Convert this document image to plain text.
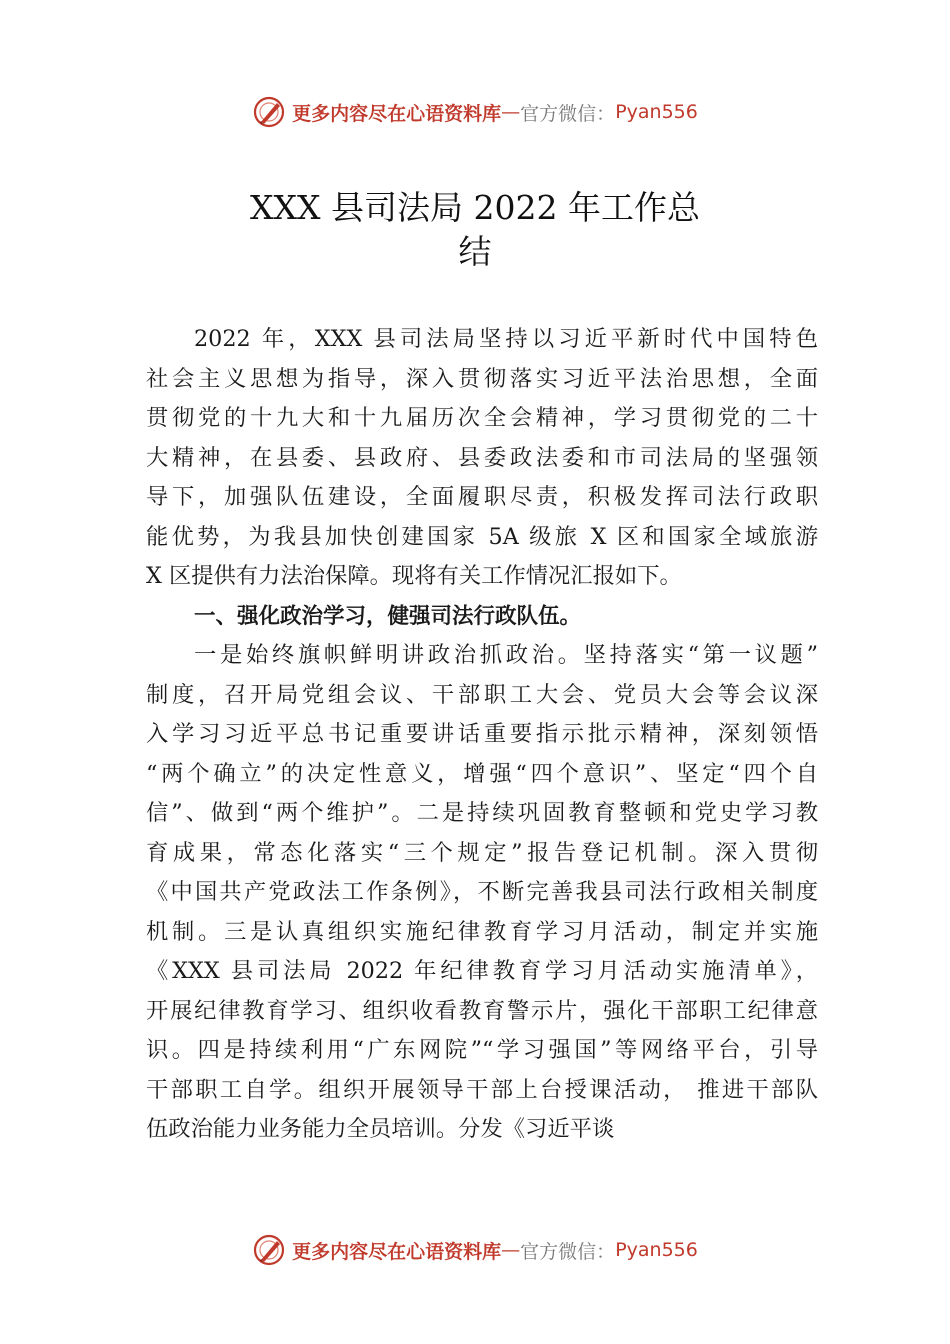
更多内容尽在心语资料库 — 官方微信： Pyan556
XXX 县司法局 2022 年工作总
结
2022 年，XXX 县司法局坚持以习近平新时代中国特色
社会主义思想为指导，深入贯彻落实习近平法治思想，全面
贯彻党的十九大和十九届历次全会精神，学习贯彻党的二十
大精神，在县委、县政府、县委政法委和市司法局的坚强领
导下，加强队伍建设，全面履职尽责，积极发挥司法行政职
能优势，为我县加快创建国家 5A 级旅 X 区和国家全域旅游
X 区提供有力法治保障。现将有关工作情况汇报如下。
一、强化政治学习，健强司法行政队伍。
一是始终旗帜鲜明讲政治抓政治。坚持落实“第一议题”
制度，召开局党组会议、干部职工大会、党员大会等会议深
入学习习近平总书记重要讲话重要指示批示精神，深刻领悟
“两个确立”的决定性意义，增强“四个意识”、坚定“四个自
信”、做到“两个维护”。二是持续巩固教育整顿和党史学习教
育成果，常态化落实“三个规定”报告登记机制。深入贯彻
《中国共产党政法工作条例》，不断完善我县司法行政相关制度
机制。三是认真组织实施纪律教育学习月活动，制定并实施
《XXX 县司法局 2022 年纪律教育学习月活动实施清单》，
开展纪律教育学习、组织收看教育警示片，强化干部职工纪律意
识。四是持续利用“广东网院”“学习强国”等网络平台，引导
干部职工自学。组织开展领导干部上台授课活动， 推进干部队
伍政治能力业务能力全员培训。分发《习近平谈
更多内容尽在心语资料库 — 官方微信： Pyan556
